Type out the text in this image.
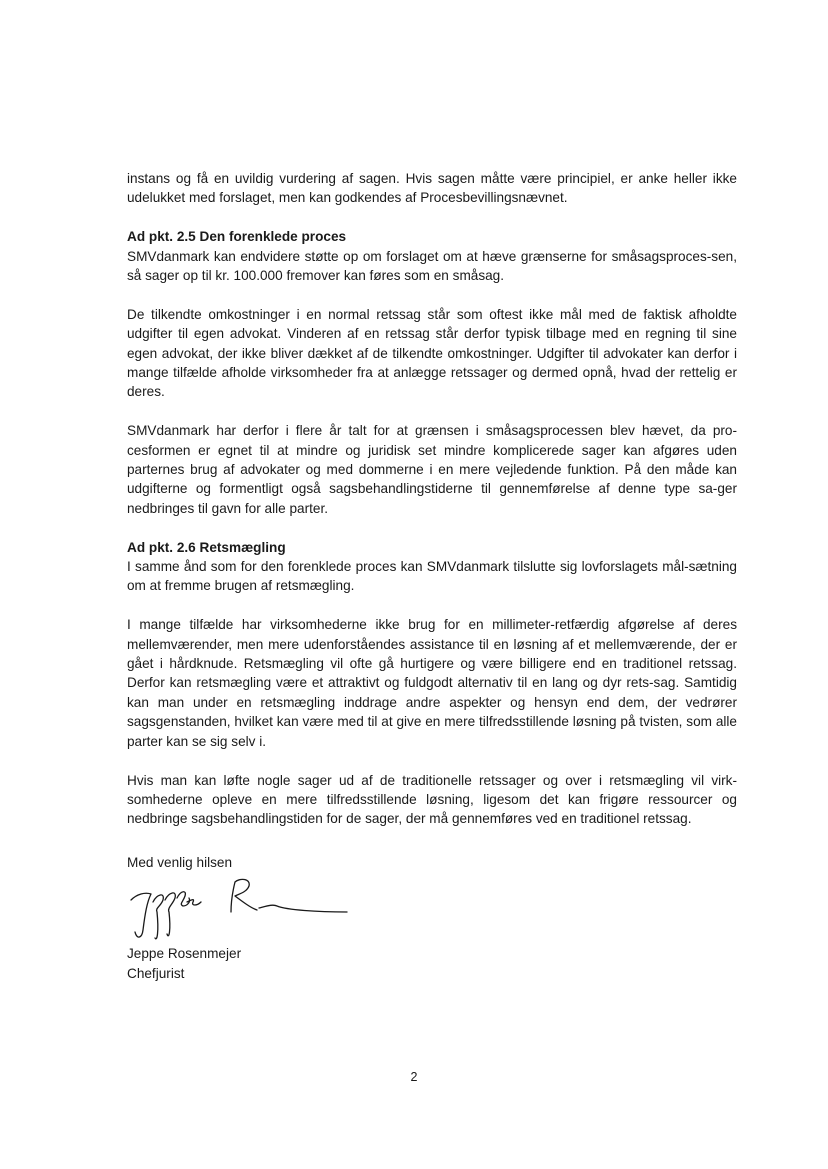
instans og få en uvildig vurdering af sagen. Hvis sagen måtte være principiel, er anke heller ikke udelukket med forslaget, men kan godkendes af Procesbevillingsnævnet.

Ad pkt. 2.5 Den forenklede proces

SMVdanmark kan endvidere støtte op om forslaget om at hæve grænserne for småsagsproces-sen, så sager op til kr. 100.000 fremover kan føres som en småsag.

De tilkendte omkostninger i en normal retssag står som oftest ikke mål med de faktisk afholdte udgifter til egen advokat. Vinderen af en retssag står derfor typisk tilbage med en regning til sine egen advokat, der ikke bliver dækket af de tilkendte omkostninger. Udgifter til advokater kan derfor i mange tilfælde afholde virksomheder fra at anlægge retssager og dermed opnå, hvad der rettelig er deres.

SMVdanmark har derfor i flere år talt for at grænsen i småsagsprocessen blev hævet, da pro-cesformen er egnet til at mindre og juridisk set mindre komplicerede sager kan afgøres uden parternes brug af advokater og med dommerne i en mere vejledende funktion. På den måde kan udgifterne og formentligt også sagsbehandlingstiderne til gennemførelse af denne type sa-ger nedbringes til gavn for alle parter.

Ad pkt. 2.6 Retsmægling

I samme ånd som for den forenklede proces kan SMVdanmark tilslutte sig lovforslagets mål-sætning om at fremme brugen af retsmægling.

I mange tilfælde har virksomhederne ikke brug for en millimeter-retfærdig afgørelse af deres mellemværender, men mere udenforståendes assistance til en løsning af et mellemværende, der er gået i hårdknude. Retsmægling vil ofte gå hurtigere og være billigere end en traditionel retssag. Derfor kan retsmægling være et attraktivt og fuldgodt alternativ til en lang og dyr rets-sag. Samtidig kan man under en retsmægling inddrage andre aspekter og hensyn end dem, der vedrører sagsgenstanden, hvilket kan være med til at give en mere tilfredsstillende løsning på tvisten, som alle parter kan se sig selv i.

Hvis man kan løfte nogle sager ud af de traditionelle retssager og over i retsmægling vil virk-somhederne opleve en mere tilfredsstillende løsning, ligesom det kan frigøre ressourcer og nedbringe sagsbehandlingstiden for de sager, der må gennemføres ved en traditionel retssag.

Med venlig hilsen
Jeppe Rosenmejer
Chefjurist
2
